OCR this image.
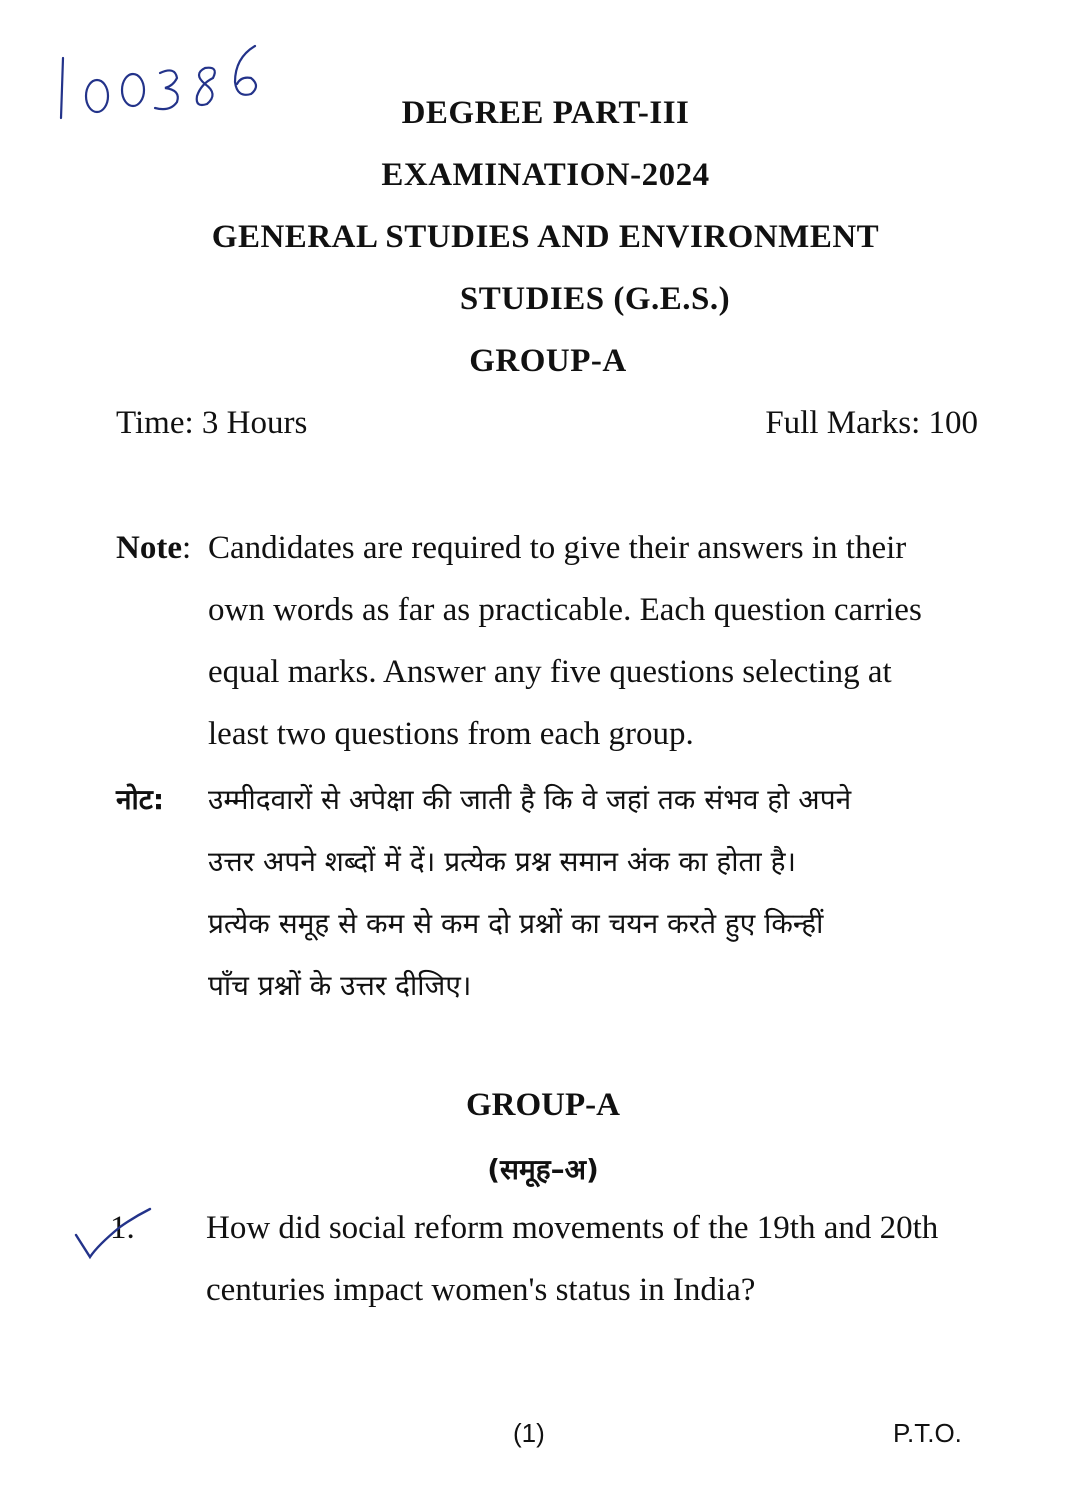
DEGREE PART-III
EXAMINATION-2024
GENERAL STUDIES AND ENVIRONMENT
STUDIES (G.E.S.)
GROUP-A
Time: 3 Hours	Full Marks: 100
Note: Candidates are required to give their answers in their
own words as far as practicable. Each question carries
equal marks. Answer any five questions selecting at
least two questions from each group.
नोट: उम्मीदवारों से अपेक्षा की जाती है कि वे जहां तक संभव हो अपने
उत्तर अपने शब्दों में दें। प्रत्येक प्रश्न समान अंक का होता है।
प्रत्येक समूह से कम से कम दो प्रश्नों का चयन करते हुए किन्हीं
पाँच प्रश्नों के उत्तर दीजिए।
GROUP-A
(समूह–अ)
1. How did social reform movements of the 19th and 20th
centuries impact women's status in India?
(1)	P.T.O.
